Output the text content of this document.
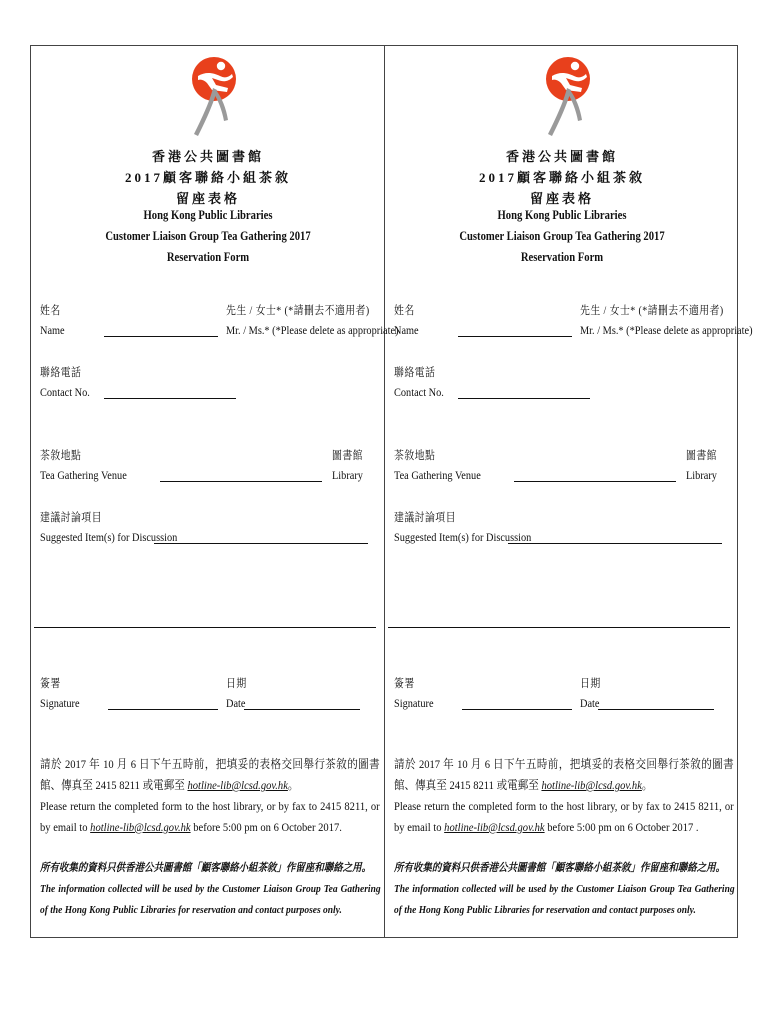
香港公共圖書館
2017顧客聯絡小組茶敘
留座表格
Hong Kong Public Libraries
Customer Liaison Group Tea Gathering 2017
Reservation Form
姓名
Name
先生 / 女士* (*請刪去不適用者)
Mr. / Ms.* (*Please delete as appropriate)
聯絡電話
Contact No.
茶敘地點
Tea Gathering Venue
圖書館
Library
建議討論項目
Suggested Item(s) for Discussion
簽署
Signature
日期
Date
請於 2017 年 10 月 6 日下午五時前，把填妥的表格交回舉行茶敘的圖書館、傳真至 2415 8211 或電郵至 hotline-lib@lcsd.gov.hk。
Please return the completed form to the host library, or by fax to 2415 8211, or by email to hotline-lib@lcsd.gov.hk before 5:00 pm on 6 October 2017.
所有收集的資料只供香港公共圖書館「顧客聯絡小組茶敘」作留座和聯絡之用。
The information collected will be used by the Customer Liaison Group Tea Gathering of the Hong Kong Public Libraries for reservation and contact purposes only.
香港公共圖書館
2017顧客聯絡小組茶敘
留座表格
Hong Kong Public Libraries
Customer Liaison Group Tea Gathering 2017
Reservation Form
姓名
Name
先生 / 女士* (*請刪去不適用者)
Mr. / Ms.* (*Please delete as appropriate)
聯絡電話
Contact No.
茶敘地點
Tea Gathering Venue
圖書館
Library
建議討論項目
Suggested Item(s) for Discussion
簽署
Signature
日期
Date
請於 2017 年 10 月 6 日下午五時前，把填妥的表格交回舉行茶敘的圖書館、傳真至 2415 8211 或電郵至 hotline-lib@lcsd.gov.hk。
Please return the completed form to the host library, or by fax to 2415 8211, or by email to hotline-lib@lcsd.gov.hk before 5:00 pm on 6 October 2017 .
所有收集的資料只供香港公共圖書館「顧客聯絡小組茶敘」作留座和聯絡之用。
The information collected will be used by the Customer Liaison Group Tea Gathering of the Hong Kong Public Libraries for reservation and contact purposes only.
